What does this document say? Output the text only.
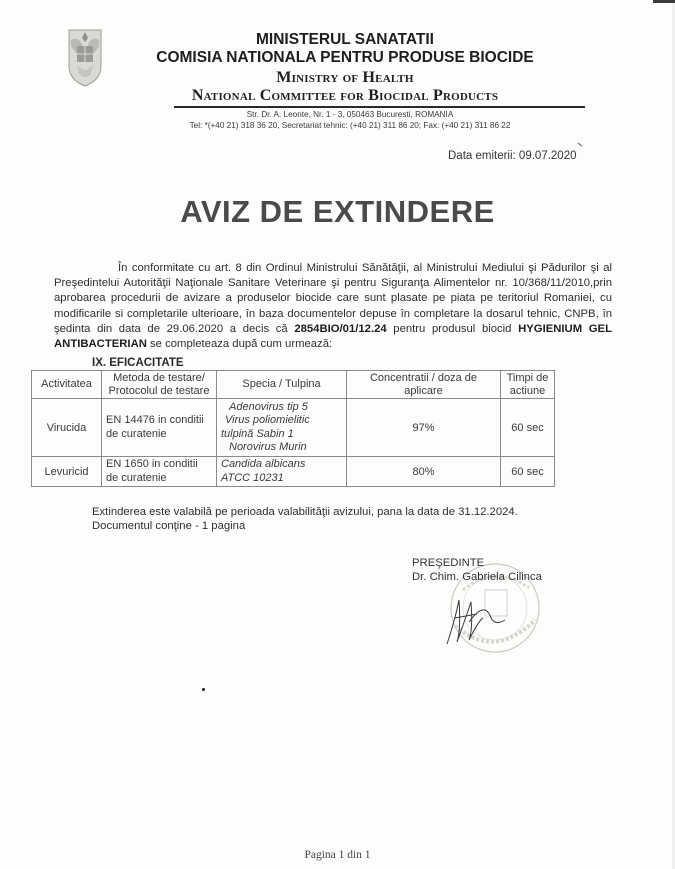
MINISTERUL SANATATII
COMISIA NATIONALA PENTRU PRODUSE BIOCIDE
Ministry of Health
National Committee for Biocidal Products
Str. Dr. A. Leonte, Nr. 1 - 3, 050463 Bucuresti, ROMANIA
Tel: *(+40 21) 318 36 20, Secretariat tehnic: (+40 21) 311 86 20; Fax: (+40 21) 311 86 22
Data emiterii: 09.07.2020
AVIZ DE EXTINDERE
În conformitate cu art. 8 din Ordinul Ministrului Sănătăţii, al Ministrului Mediului şi Pădurilor şi al Preşedintelui Autorităţii Naţionale Sanitare Veterinare şi pentru Siguranţa Alimentelor nr. 10/368/11/2010,prin aprobarea procedurii de avizare a produselor biocide care sunt plasate pe piata pe teritoriul Romaniei, cu modificarile si completarile ulterioare, în baza documentelor depuse în completare la dosarul tehnic, CNPB, în şedinta din data de 29.06.2020 a decis că 2854BIO/01/12.24 pentru produsul biocid HYGIENIUM GEL ANTIBACTERIAN se completeaza după cum urmează:
IX. EFICACITATE
Activitatea	Metoda de testare/ Protocolul de testare	Specia / Tulpina	Concentratii / doza de aplicare	Timpi de actiune
Virucida	EN 14476 in conditii de curatenie	Adenovirus tip 5
Virus poliomielitic
tulpină Sabin 1
Norovirus Murin	97%	60 sec
Levuricid	EN 1650 in conditii de curatenie	Candida albicans
ATCC 10231	80%	60 sec
Extinderea este valabilă pe perioada valabilităţii avizului, pana la data de 31.12.2024.
Documentul conţine - 1 pagina
PREŞEDINTE
Dr. Chim. Gabriela Cilinca
Pagina 1 din 1
